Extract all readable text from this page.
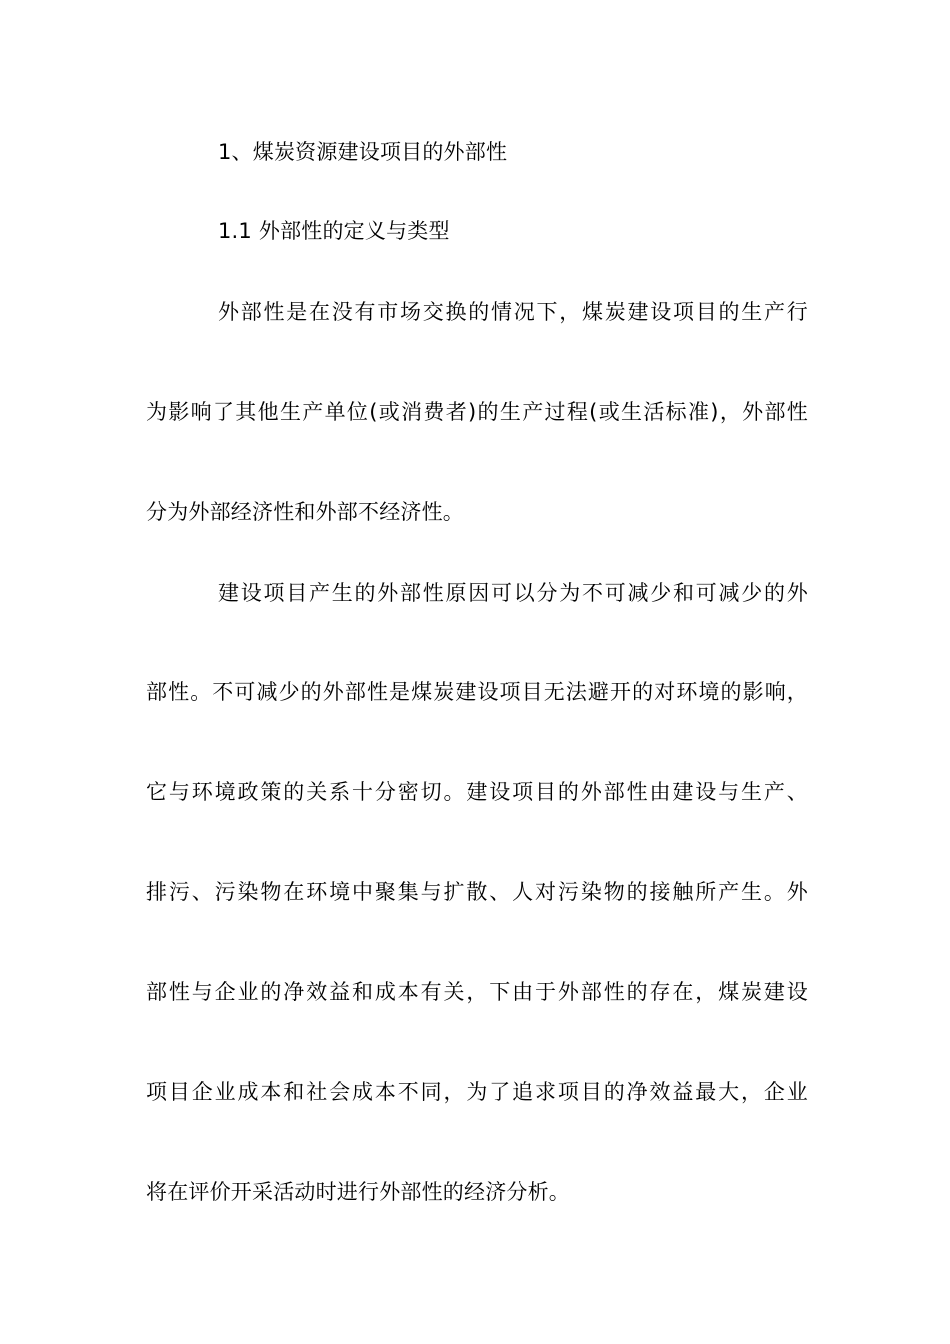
1、煤炭资源建设项目的外部性
1.1 外部性的定义与类型
外部性是在没有市场交换的情况下，煤炭建设项目的生产行
为影响了其他生产单位(或消费者)的生产过程(或生活标准)，外部性
分为外部经济性和外部不经济性。
建设项目产生的外部性原因可以分为不可减少和可减少的外
部性。不可减少的外部性是煤炭建设项目无法避开的对环境的影响，
它与环境政策的关系十分密切。建设项目的外部性由建设与生产、
排污、污染物在环境中聚集与扩散、人对污染物的接触所产生。外
部性与企业的净效益和成本有关，下由于外部性的存在，煤炭建设
项目企业成本和社会成本不同，为了追求项目的净效益最大，企业
将在评价开采活动时进行外部性的经济分析。
